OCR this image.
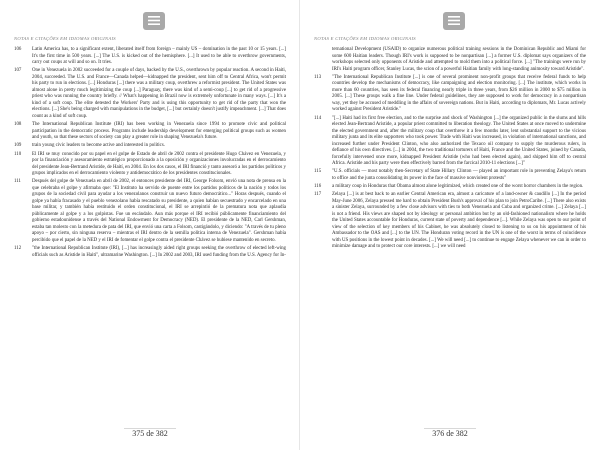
NOTAS E CITAÇÕES EM IDIOMAS ORIGINAIS
106	Latin America has, to a significant extent, liberated itself from foreign – mainly US – domination in the past 10 or 15 years. [...] It's the first time in 500 years. [...] The U.S. is kicked out of the hemisphere. [...] It used to be able to overthrow governments, carry out coups at will and so on. It tries.
107	One in Venezuela in 2002 succeeded for a couple of days, backed by the U.S., overthrown by popular reaction. A second in Haiti, 2004, succeeded. The U.S. and France—Canada helped—kidnapped the president, sent him off to Central Africa, won't permit his party to run in elections. [...] Honduras [...] there was a military coup, overthrew a reformist president. The United States was almost alone in pretty much legitimizing the coup [...] Paraguay, there was kind of a semi-coup [...] to get rid of a progressive priest who was running the country briefly. // What's happening in Brazil now is extremely unfortunate in many ways. [...] It's a kind of a soft coup. The elite detested the Workers' Party and is using this opportunity to get rid of the party that won the elections. [...] She's being charged with manipulations in the budget, [...] but certainly doesn't justify impeachment. [...] That does count as a kind of soft coup.
108	The International Republican Institute (IRI) has been working in Venezuela since 1994 to promote civic and political participation in the democratic process. Programs include leadership development for emerging political groups such as women and youth, so that these sectors of society can play a greater role in shaping Venezuela's future.
109	train young civic leaders to become active and interested in politics.
110	El IRI se muy conocido por su papel en el golpe de Estado de abril de 2002 contra el presidente Hugo Chávez en Venezuela, y por la financiación y asesoramiento estratégico proporcionado a la oposición y organizaciones involucradas en el derrocamiento del presidente Jean-Bertrand Aristide, de Haití, en 2004. En los dos casos, el IRI financió y tanto asesoró a los partidos políticos y grupos implicados en el derrocamiento violento y antidemocrático de los presidentes constitucionales.
111	Después del golpe de Venezuela en abril de 2002, el entonces presidente del IRI, George Folsom, envió una nota de prensa en la que celebraba el golpe y afirmaba que: "El Instituto ha servido de puente entre los partidos políticos de la nación y todos los grupos de la sociedad civil para ayudar a los venezolanos construir un nuevo futuro democrático..." Horas después, cuando el golpe ya había fracasado y el pueblo venezolano había rescatado su presidente, a quien habían secuestrado y encarcelado en una base militar, y también había restituido el orden constitucional, el IRI se arrepintió de la prematura nota que aplaudía públicamente al golpe y a los golpistas. Fue un escándalo. Aun más porque el IRI recibió públicamente financiamiento del gobierno estadounidense a través del National Endowment for Democracy (NED). El presidente de la NED, Carl Gershman, estaba tan molesto con la metedura de pata del IRI, que envió una carta a Folsom, castigándolo, y diciendo: "A través de tu pleno apoyo – por cierto, sin ninguna reserva – mientras el IRI dentro de la semilla política interna de Venezuela". Gershman había percibido que el papel de la NED y el IRI de fomentar el golpe contra el presidente Chávez se hubiese mantenido en secreto.
112	"the International Republican Institute (IRI), [...] has increasingly aided right groups seeking the overthrow of elected left-wing officials such as Aristide in Haiti", ultramarine Washington. [...] In 2002 and 2003, IRI used funding from the U.S. Agency for In-
375 de 382
NOTAS E CITAÇÕES EM IDIOMAS ORIGINAIS
ternational Development (USAID) to organize numerous political training sessions in the Dominican Republic and Miami for some 600 Haitian leaders. Though IRI's work is supposed to be nonpartisan [...] a former U.S. diplomat says organizers of the workshops selected only opponents of Aristide and attempted to mold them into a political force. [...] "The trainings were run by IRI's Haiti program officer, Stanley Lucas, the scion of a powerful Haitian family with long-standing animosity toward Aristide".
113	"The International Republican Institute [...] is one of several prominent non-profit groups that receive federal funds to help countries develop the mechanisms of democracy, like campaigning and election monitoring. [...] The institute, which works in more than 60 countries, has seen its federal financing nearly triple in three years, from $26 million in 2000 to $75 million in 2005. [...] These groups walk a fine line. Under federal guidelines, they are supposed to work for democracy in a nonpartisan way, yet they be accused of meddling in the affairs of sovereign nations. But in Haiti, according to diplomats, Mr. Lucas actively worked against President Aristide."
114	"[...] Haiti had its first free election, and to the surprise and shock of Washington [...] the organized public in the slums and hills elected Jean-Bertrand Aristide, a popular priest committed to liberation theology. The United States at once moved to undermine the elected government and, after the military coup that overthrew it a few months later, lent substantial support to the vicious military junta and its elite supporters who took power. Trade with Haiti was increased, in violation of international sanctions, and increased further under President Clinton, who also authorized the Texaco oil company to supply the murderous rulers, in defiance of his own directives. [...] in 2004, the two traditional torturers of Haiti, France and the United States, joined by Canada, forcefully intervened once more, kidnapped President Aristide (who had been elected again), and shipped him off to central Africa. Aristide and his party were then effectively barred from the farcical 2010-11 elections [...]"
115	"U.S. officials — most notably then-Secretary of State Hillary Clinton — played an important role in preventing Zelaya's return to office and the junta consolidating its power in the face of massive nonviolent protests"
116	a military coup in Honduras that Obama almost alone legitimized, which created one of the worst horror chambers in the region.
117	Zelaya [...] is at best back to an earlier Central American era, almost a caricature of a land-owner & caudillo [...] In the period May-June 2006, Zelaya pressed me hard to obtain President Bush's approval of his plan to join PetroCaribe. [...] There also exists a sinister Zelaya, surrounded by a few close advisors with ties to both Venezuela and Cuba and organized crime. [...] Zelaya [...] is not a friend. His views are shaped not by ideology or personal ambition but by an old-fashioned nationalism where he holds the United States accountable for Honduras, current state of poverty and dependence [...]. While Zelaya was open to our point of view of the selection of key members of his Cabinet, he was absolutely closed to listening to us on his appointment of his Ambassador to the OAS and [...] to the UN. The Honduran voting record in the UN is one of the worst in terms of coincidence with US positions in the lowest point in decades. [...] We will need [...] to continue to engage Zelaya whenever we can in order to minimize damage and to protect our core interests. [...] we will need
376 de 382
